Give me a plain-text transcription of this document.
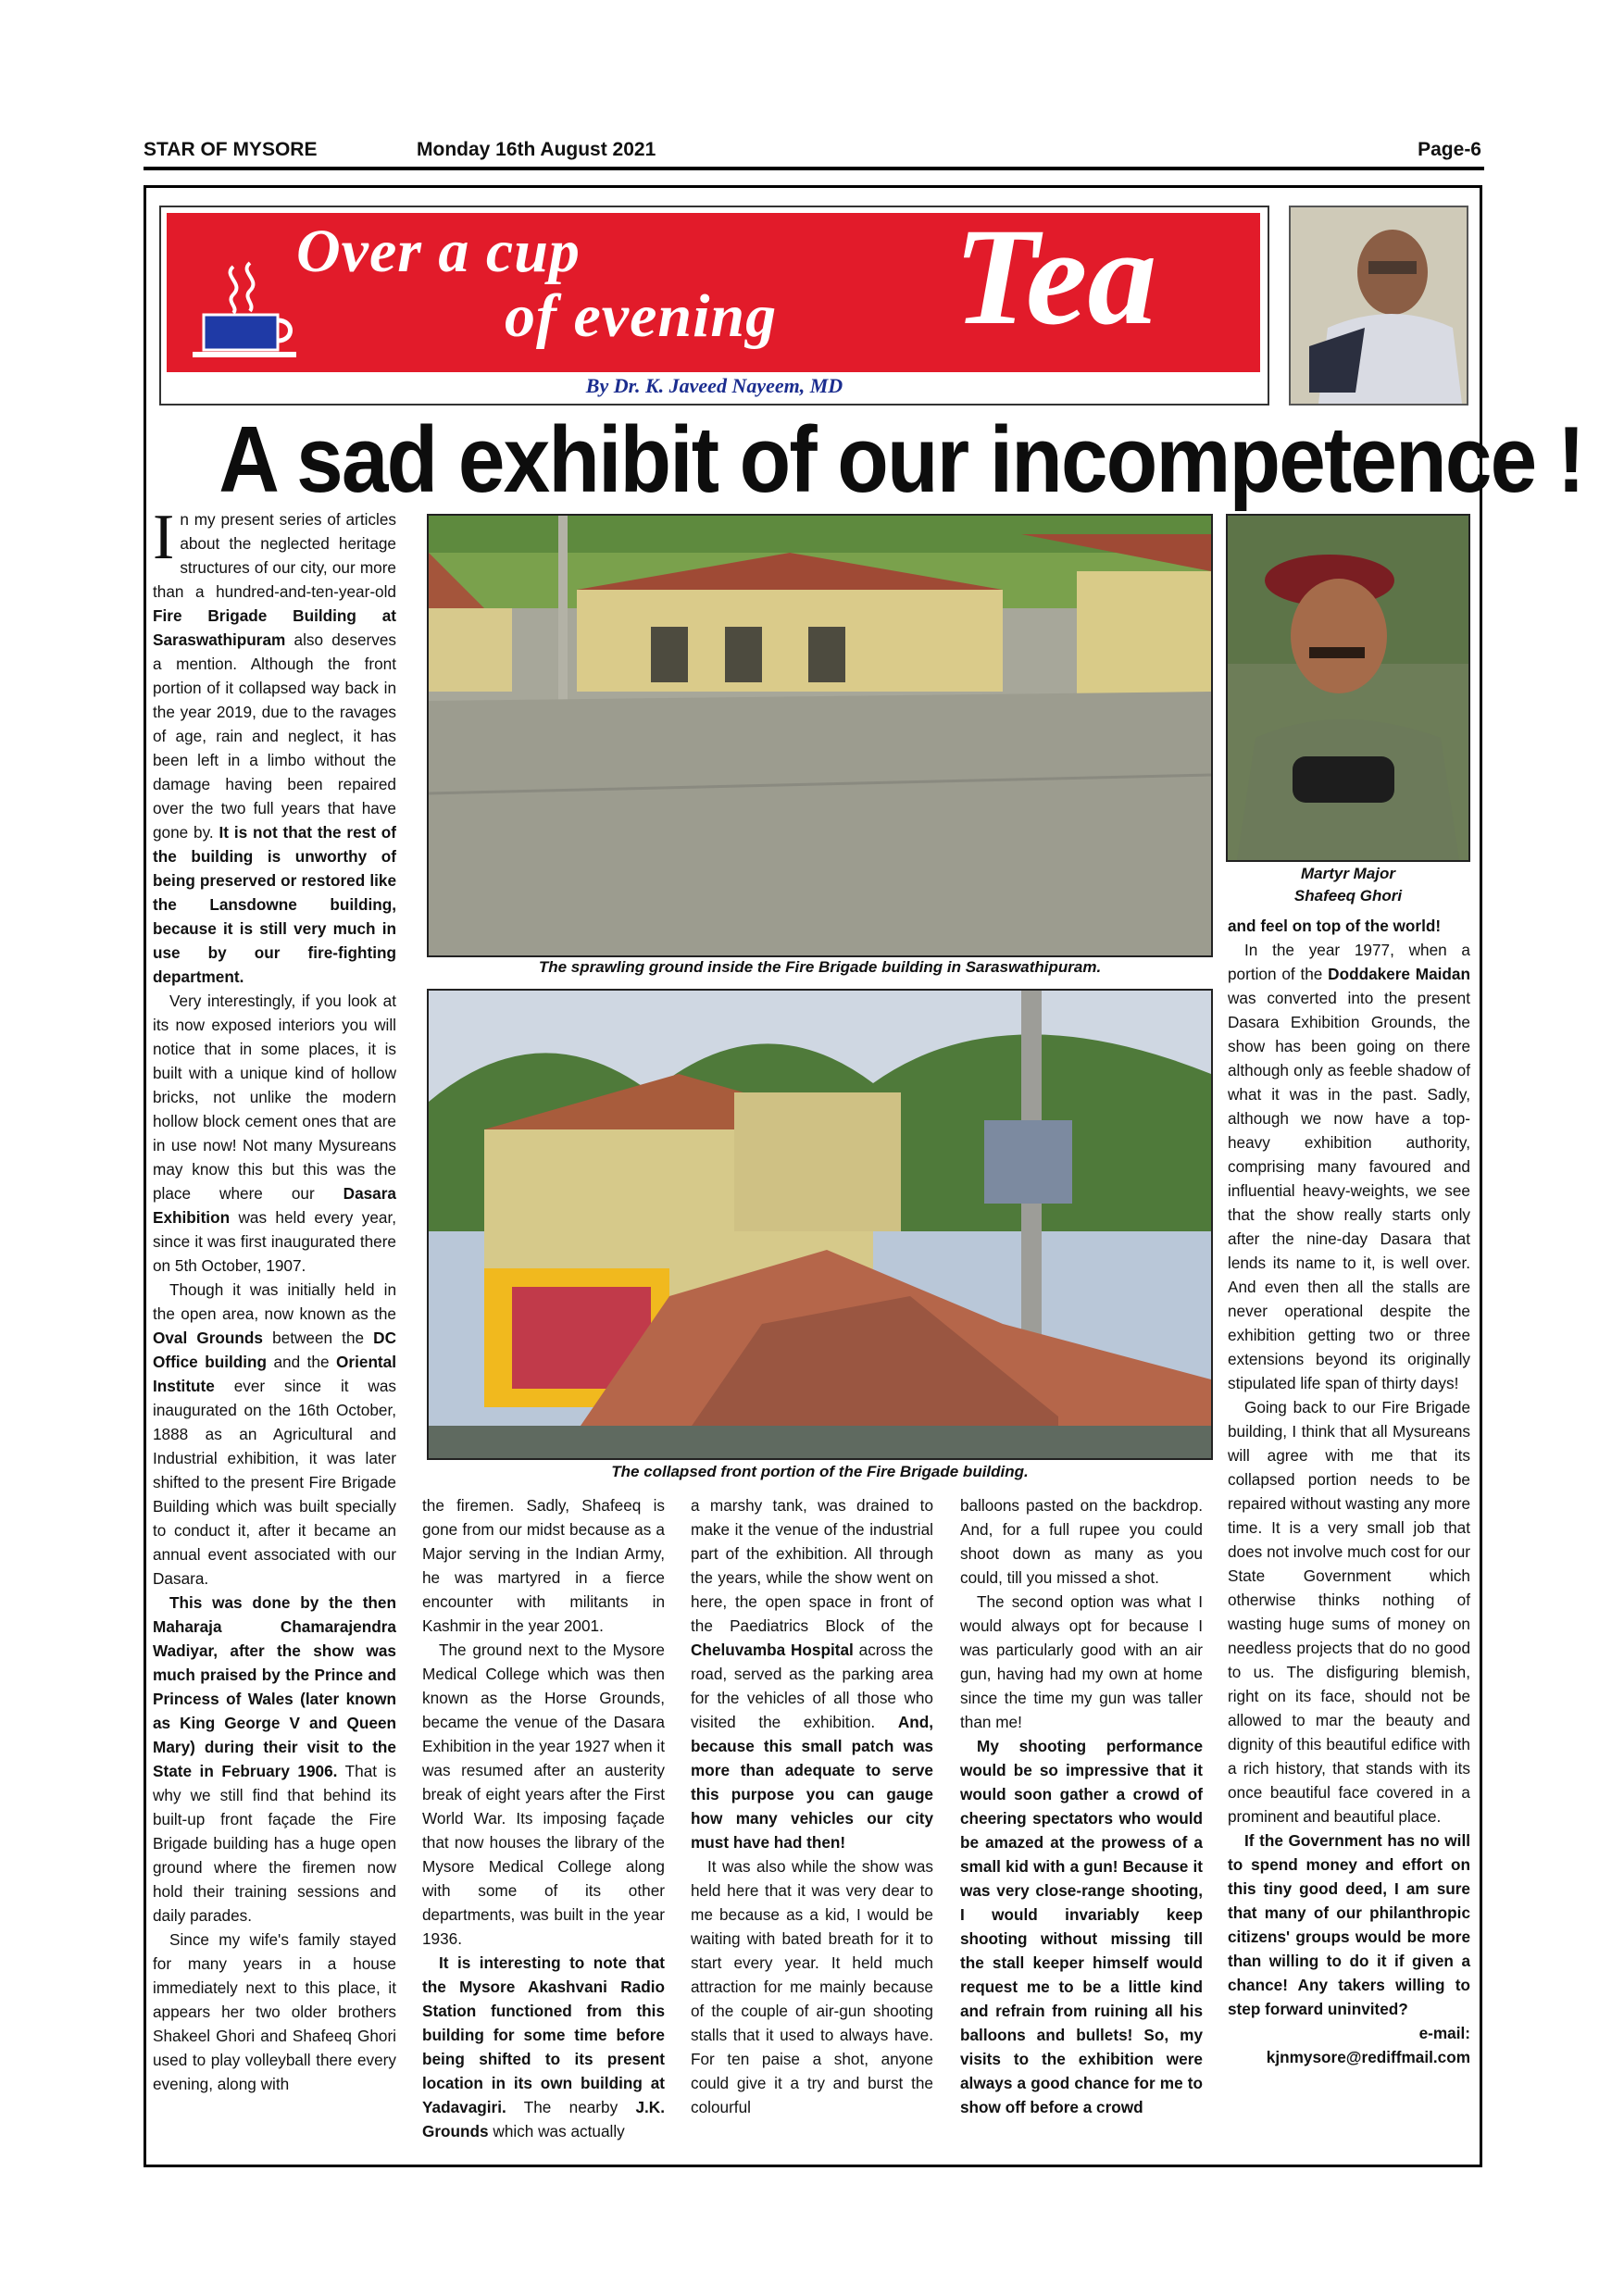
STAR OF MYSORE	Monday 16th August 2021	Page-6
Over a cup
of evening Tea
By Dr. K. Javeed Nayeem, MD
A sad exhibit of our incompetence !
The sprawling ground inside the Fire Brigade building in Saraswathipuram.
The collapsed front portion of the Fire Brigade building.
Martyr Major
Shafeeq Ghori

In my present series of articles about the neglected heritage structures of our city, our more than a hundred-and-ten-year-old Fire Brigade Building at Saraswathipuram also deserves a mention. Although the front portion of it collapsed way back in the year 2019, due to the ravages of age, rain and neglect, it has been left in a limbo without the damage having been repaired over the two full years that have gone by. It is not that the rest of the building is unworthy of being preserved or restored like the Lansdowne building, because it is still very much in use by our fire-fighting department.

Very interestingly, if you look at its now exposed interiors you will notice that in some places, it is built with a unique kind of hollow bricks, not unlike the modern hollow block cement ones that are in use now! Not many Mysureans may know this but this was the place where our Dasara Exhibition was held every year, since it was first inaugurated there on 5th October, 1907.

Though it was initially held in the open area, now known as the Oval Grounds between the DC Office building and the Oriental Institute ever since it was inaugurated on the 16th October, 1888 as an Agricultural and Industrial exhibition, it was later shifted to the present Fire Brigade Building which was built specially to conduct it, after it became an annual event associated with our Dasara.

This was done by the then Maharaja Chamarajendra Wadiyar, after the show was much praised by the Prince and Princess of Wales (later known as King George V and Queen Mary) during their visit to the State in February 1906. That is why we still find that behind its built-up front façade the Fire Brigade building has a huge open ground where the firemen now hold their training sessions and daily parades.

Since my wife's family stayed for many years in a house immediately next to this place, it appears her two older brothers Shakeel Ghori and Shafeeq Ghori used to play volleyball there every evening, along with

the firemen. Sadly, Shafeeq is gone from our midst because as a Major serving in the Indian Army, he was martyred in a fierce encounter with militants in Kashmir in the year 2001.

The ground next to the Mysore Medical College which was then known as the Horse Grounds, became the venue of the Dasara Exhibition in the year 1927 when it was resumed after an austerity break of eight years after the First World War. Its imposing façade that now houses the library of the Mysore Medical College along with some of its other departments, was built in the year 1936.

It is interesting to note that the Mysore Akashvani Radio Station functioned from this building for some time before being shifted to its present location in its own building at Yadavagiri. The nearby J.K. Grounds which was actually

a marshy tank, was drained to make it the venue of the industrial part of the exhibition. All through the years, while the show went on here, the open space in front of the Paediatrics Block of the Cheluvamba Hospital across the road, served as the parking area for the vehicles of all those who visited the exhibition. And, because this small patch was more than adequate to serve this purpose you can gauge how many vehicles our city must have had then!

It was also while the show was held here that it was very dear to me because as a kid, I would be waiting with bated breath for it to start every year. It held much attraction for me mainly because of the couple of air-gun shooting stalls that it used to always have. For ten paise a shot, anyone could give it a try and burst the colourful

balloons pasted on the backdrop. And, for a full rupee you could shoot down as many as you could, till you missed a shot.

The second option was what I would always opt for because I was particularly good with an air gun, having had my own at home since the time my gun was taller than me!

My shooting performance would be so impressive that it would soon gather a crowd of cheering spectators who would be amazed at the prowess of a small kid with a gun! Because it was very close-range shooting, I would invariably keep shooting without missing till the stall keeper himself would request me to be a little kind and refrain from ruining all his balloons and bullets! So, my visits to the exhibition were always a good chance for me to show off before a crowd

and feel on top of the world!

In the year 1977, when a portion of the Doddakere Maidan was converted into the present Dasara Exhibition Grounds, the show has been going on there although only as feeble shadow of what it was in the past. Sadly, although we now have a top-heavy exhibition authority, comprising many favoured and influential heavy-weights, we see that the show really starts only after the nine-day Dasara that lends its name to it, is well over. And even then all the stalls are never operational despite the exhibition getting two or three extensions beyond its originally stipulated life span of thirty days!

Going back to our Fire Brigade building, I think that all Mysureans will agree with me that its collapsed portion needs to be repaired without wasting any more time. It is a very small job that does not involve much cost for our State Government which otherwise thinks nothing of wasting huge sums of money on needless projects that do no good to us. The disfiguring blemish, right on its face, should not be allowed to mar the beauty and dignity of this beautiful edifice with a rich history, that stands with its once beautiful face covered in a prominent and beautiful place.

If the Government has no will to spend money and effort on this tiny good deed, I am sure that many of our philanthropic citizens' groups would be more than willing to do it if given a chance! Any takers willing to step forward uninvited?

e-mail:
kjnmysore@rediffmail.com
